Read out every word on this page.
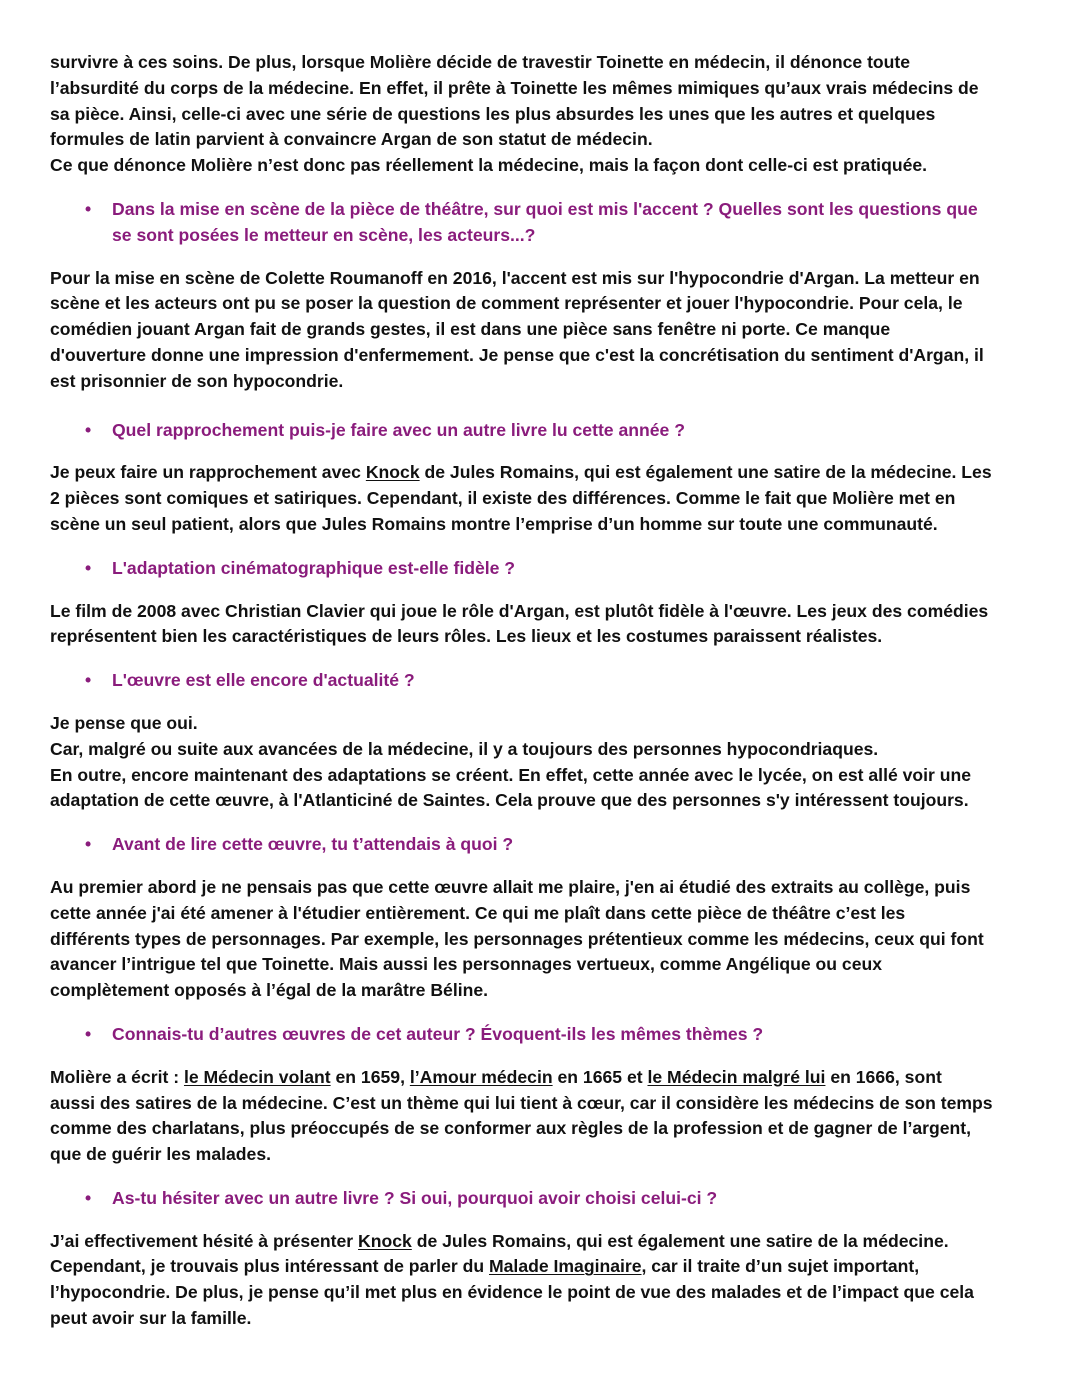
survivre à ces soins. De plus, lorsque Molière décide de travestir Toinette en médecin, il dénonce toute
l’absurdité du corps de la médecine. En effet, il prête à Toinette les mêmes mimiques qu’aux vrais médecins de
sa pièce. Ainsi, celle-ci avec une série de questions les plus absurdes les unes que les autres et quelques
formules de latin parvient à convaincre Argan de son statut de médecin.
Ce que dénonce Molière n’est donc pas réellement la médecine, mais la façon dont celle-ci est pratiquée.

• Dans la mise en scène de la pièce de théâtre, sur quoi est mis l'accent ? Quelles sont les questions que
se sont posées le metteur en scène, les acteurs...?

Pour la mise en scène de Colette Roumanoff en 2016, l'accent est mis sur l'hypocondrie d'Argan. La metteur en
scène et les acteurs ont pu se poser la question de comment représenter et jouer l'hypocondrie. Pour cela, le
comédien jouant Argan fait de grands gestes, il est dans une pièce sans fenêtre ni porte. Ce manque
d'ouverture donne une impression d'enfermement. Je pense que c'est la concrétisation du sentiment d'Argan, il
est prisonnier de son hypocondrie.

• Quel rapprochement puis-je faire avec un autre livre lu cette année ?

Je peux faire un rapprochement avec Knock de Jules Romains, qui est également une satire de la médecine. Les
2 pièces sont comiques et satiriques. Cependant, il existe des différences. Comme le fait que Molière met en
scène un seul patient, alors que Jules Romains montre l’emprise d’un homme sur toute une communauté.

• L'adaptation cinématographique est-elle fidèle ?

Le film de 2008 avec Christian Clavier qui joue le rôle d'Argan, est plutôt fidèle à l'œuvre. Les jeux des comédies
représentent bien les caractéristiques de leurs rôles. Les lieux et les costumes paraissent réalistes.

• L'œuvre est elle encore d'actualité ?

Je pense que oui.
Car, malgré ou suite aux avancées de la médecine, il y a toujours des personnes hypocondriaques.
En outre, encore maintenant des adaptations se créent. En effet, cette année avec le lycée, on est allé voir une
adaptation de cette œuvre, à l'Atlanticiné de Saintes. Cela prouve que des personnes s'y intéressent toujours.

• Avant de lire cette œuvre, tu t’attendais à quoi ?

Au premier abord je ne pensais pas que cette œuvre allait me plaire, j'en ai étudié des extraits au collège, puis
cette année j'ai été amener à l'étudier entièrement. Ce qui me plaît dans cette pièce de théâtre c’est les
différents types de personnages. Par exemple, les personnages prétentieux comme les médecins, ceux qui font
avancer l’intrigue tel que Toinette. Mais aussi les personnages vertueux, comme Angélique ou ceux
complètement opposés à l’égal de la marâtre Béline.

• Connais-tu d’autres œuvres de cet auteur ? Évoquent-ils les mêmes thèmes ?

Molière a écrit : le Médecin volant en 1659, l’Amour médecin en 1665 et le Médecin malgré lui en 1666, sont
aussi des satires de la médecine. C’est un thème qui lui tient à cœur, car il considère les médecins de son temps
comme des charlatans, plus préoccupés de se conformer aux règles de la profession et de gagner de l’argent,
que de guérir les malades.

• As-tu hésiter avec un autre livre ? Si oui, pourquoi avoir choisi celui-ci ?

J’ai effectivement hésité à présenter Knock de Jules Romains, qui est également une satire de la médecine.
Cependant, je trouvais plus intéressant de parler du Malade Imaginaire, car il traite d’un sujet important,
l’hypocondrie. De plus, je pense qu’il met plus en évidence le point de vue des malades et de l’impact que cela
peut avoir sur la famille.
